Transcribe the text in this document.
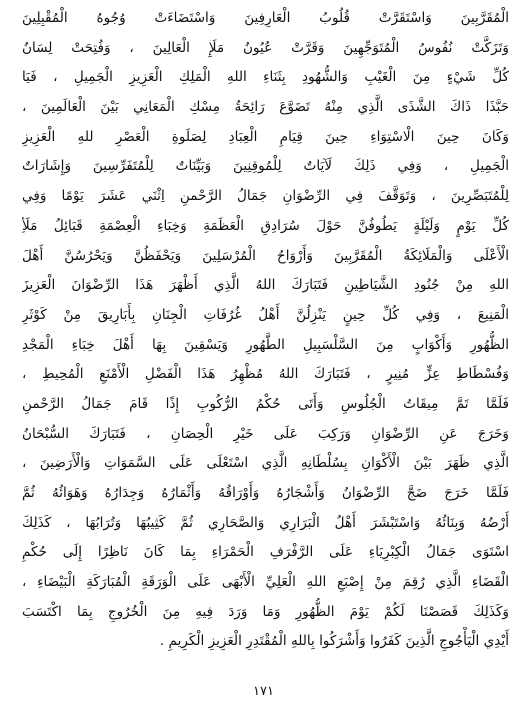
الْمُقَرَّبِينَ وَاسْتَقَرَّتْ قُلُوبُ الْعَارِفِينَ وَاسْتَضَاءَتْ وُجُوهُ الْمُقْبِلِينَ
وَتَزَكَّتْ نُفُوسُ الْمُتَوَجِّهِينَ وَقَرَّتْ عُيُونُ مَلَإِ الْعَالِينَ ، وَفُتِحَتْ لِسَانُ
كُلِّ شَيْءٍ مِنَ الْغَيْبِ وَالشُّهُودِ بِثَنَاءِ اللهِ الْمَلِكِ الْعَزِيزِ الْجَمِيلِ ، فَيَا
حَبَّذَا ذَاكَ الشَّذَى الَّذِي مِنْهُ تَضَوَّعَ رَائِحَةُ مِسْكِ الْمَعَانِي بَيْنَ الْعَالَمِينَ ،
وَكَانَ حِينَ الْاسْتِوَاءِ حِينَ قِيَامِ الْعِبَادِ لِصَلَوةِ الْعَصْرِ للهِ الْعَزِيزِ
الْجَمِيلِ ، وَفِي ذَلِكَ لَآيَاتٌ لِلْمُوقِنِينَ وَبَيِّنَاتٌ لِلْمُتَفَرِّسِينَ وَإِشَارَاتٌ
لِلْمُتَبَصِّرِينَ ، وَتَوَقَّفَ فِي الرِّضْوَانِ جَمَالُ الرَّحْمنِ اِثْنَي عَشَرَ يَوْمًا وَفِي
كُلِّ يَوْمٍ وَلَيْلَةٍ يَطُوفُنَّ حَوْلَ سُرَادِقِ الْعَظَمَةِ وَخِبَاءِ الْعِصْمَةِ قَبَائِلُ مَلَأِ
الْأَعْلَى وَالْمَلَائِكَةُ الْمُقَرَّبِينَ وَأَرْوَاحُ الْمُرْسَلِينَ وَيَحْفَظُنَّ وَيَحْرُسُنَّ أَهْلَ
اللهِ مِنْ جُنُودِ الشَّيَاطِينِ فَتَبَارَكَ اللهُ الَّذِي أَظْهَرَ هَذَا الرِّضْوَانَ الْعَزِيزَ
الْمَنِيعَ ، وَفِي كُلِّ حِينٍ يَنْزِلُنَّ أَهْلُ غُرُفَاتِ الْجِنَانِ بِأَبَارِيقَ مِنْ كَوْثَرِ
الظُّهُورِ وَأَكْوَابٍ مِنَ السَّلْسَبِيلِ الطَّهُورِ وَيَسْقِينَ بِهَا أَهْلَ خِبَاءِ الْمَجْدِ
وَفُسْطَاطِ عِزٍّ مُنِيرٍ ، فَتَبَارَكَ اللهُ مُظْهِرُ هَذَا الْفَضْلِ الْأَمْنَعِ الْمُحِيطِ ،
فَلَمَّا تَمَّ مِيقَاتُ الْجُلُوسِ وَأَتَى حُكْمُ الرُّكُوبِ إِذًا قَامَ جَمَالُ الرَّحْمنِ
وَخَرَجَ عَنِ الرِّضْوَانِ وَرَكِبَ عَلَى خَيْرِ الْحِصَانِ ، فَتَبَارَكَ السُّبْحَانُ
الَّذِي ظَهَرَ بَيْنَ الْأَكْوَانِ بِسُلْطَانِهِ الَّذِي اسْتَعْلَى عَلَى السَّمَوَاتِ وَالْأَرَضِينَ ،
فَلَمَّا خَرَجَ ضَجَّ الرِّضْوَانُ وَأَشْجَارُهُ وَأَوْرَاقُهُ وَأَثْمَارُهُ وَجِدَارُهُ وَهَوَائُهُ ثُمَّ
أَرْضُهُ وَبِنَائُهُ وَاسْتَبْشَرَ أَهْلُ الْبَرَارِي وَالصَّحَارِي ثُمَّ كَثِيبُهَا وَتُرَابُهَا ، كَذَلِكَ
اسْتَوَى جَمَالُ الْكِبْرِيَاءِ عَلَى الرَّفْرَفِ الْحَمْرَاءِ بِمَا كَانَ نَاظِرًا إِلَى حُكْمِ
الْقَضَاءِ الَّذِي رُقِمَ مِنْ إِصْبَعِ اللهِ الْعَلِيِّ الْأَبْهَى عَلَى الْوَرَقَةِ الْمُبَارَكَةِ الْبَيْضَاءِ ،
وَكَذَلِكَ قَصَصْنَا لَكُمْ يَوْمَ الظُّهُورِ وَمَا وَرَدَ فِيهِ مِنَ الْخُرُوجِ بِمَا اكْتَسَبَ
أَيْدِي الْيَأْجُوجِ الَّذِينَ كَفَرُوا وَأَشْرَكُوا بِاللهِ الْمُقْتَدِرِ الْعَزِيزِ الْكَرِيمِ .
١٧١
